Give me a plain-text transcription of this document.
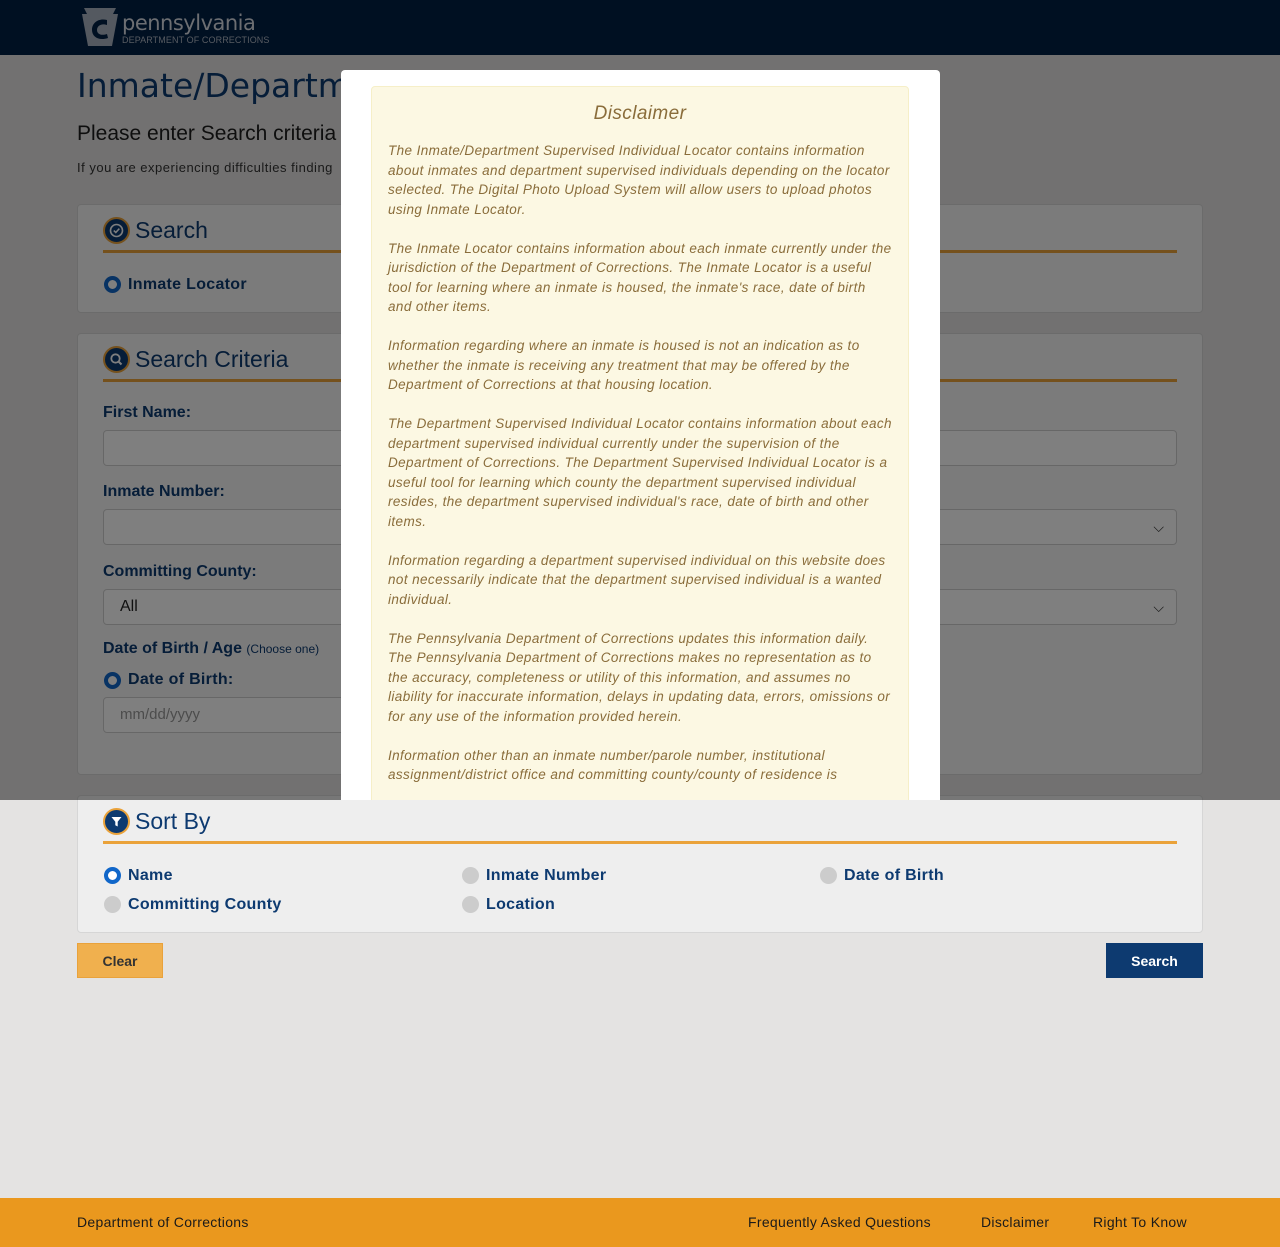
Sort By
Name	Inmate Number	Date of Birth
Committing County	Location
Clear	Search
Department of Corrections	Frequently Asked Questions	Disclaimer	Right To Know
Disclaimer

The Inmate/Department Supervised Individual Locator contains information about inmates and department supervised individuals depending on the locator selected. The Digital Photo Upload System will allow users to upload photos using Inmate Locator.

The Inmate Locator contains information about each inmate currently under the jurisdiction of the Department of Corrections. The Inmate Locator is a useful tool for learning where an inmate is housed, the inmate's race, date of birth and other items.

Information regarding where an inmate is housed is not an indication as to whether the inmate is receiving any treatment that may be offered by the Department of Corrections at that housing location.

The Department Supervised Individual Locator contains information about each department supervised individual currently under the supervision of the Department of Corrections. The Department Supervised Individual Locator is a useful tool for learning which county the department supervised individual resides, the department supervised individual's race, date of birth and other items.

Information regarding a department supervised individual on this website does not necessarily indicate that the department supervised individual is a wanted individual.

The Pennsylvania Department of Corrections updates this information daily. The Pennsylvania Department of Corrections makes no representation as to the accuracy, completeness or utility of this information, and assumes no liability for inaccurate information, delays in updating data, errors, omissions or for any use of the information provided herein.

Information other than an inmate number/parole number, institutional assignment/district office and committing county/county of residence is
